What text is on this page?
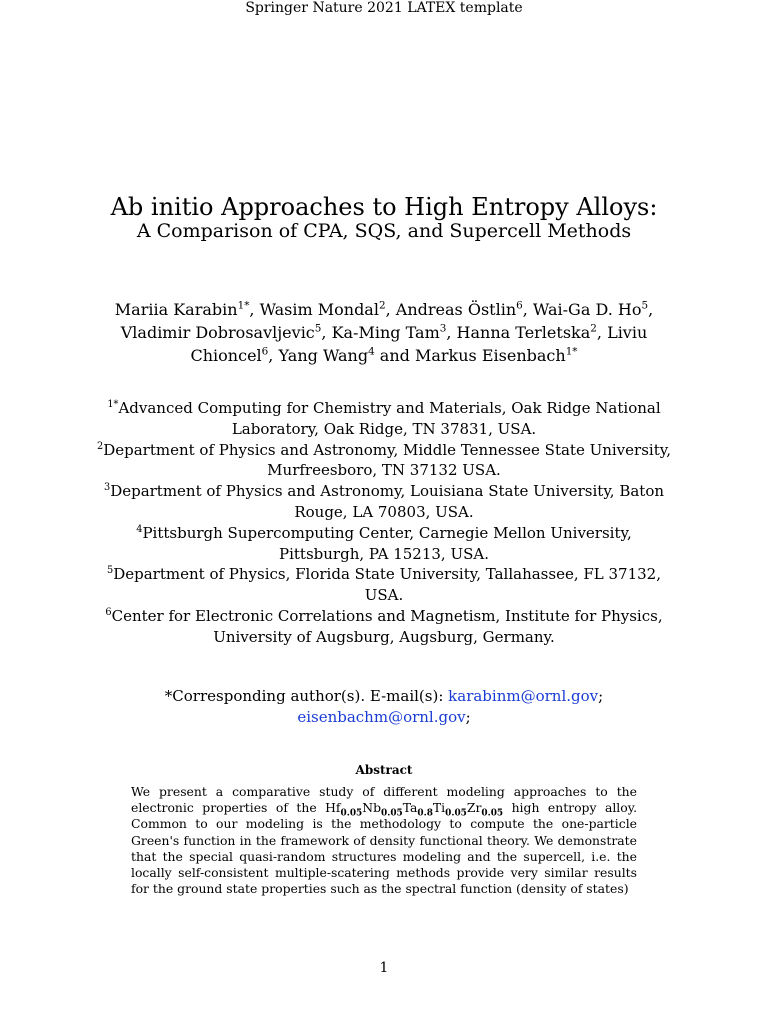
Springer Nature 2021 LATEX template
Ab initio Approaches to High Entropy Alloys:
A Comparison of CPA, SQS, and Supercell Methods
Mariia Karabin$^{1*}$, Wasim Mondal$^2$, Andreas Östlin$^6$, Wai-Ga D. Ho$^5$, Vladimir Dobrosavljevic$^5$, Ka-Ming Tam$^3$, Hanna Terletska$^2$, Liviu Chioncel$^6$, Yang Wang$^4$ and Markus Eisenbach$^{1*}$
$^{1*}$Advanced Computing for Chemistry and Materials, Oak Ridge National Laboratory, Oak Ridge, TN 37831, USA.
$^2$Department of Physics and Astronomy, Middle Tennessee State University, Murfreesboro, TN 37132 USA.
$^3$Department of Physics and Astronomy, Louisiana State University, Baton Rouge, LA 70803, USA.
$^4$Pittsburgh Supercomputing Center, Carnegie Mellon University, Pittsburgh, PA 15213, USA.
$^5$Department of Physics, Florida State University, Tallahassee, FL 37132, USA.
$^6$Center for Electronic Correlations and Magnetism, Institute for Physics, University of Augsburg, Augsburg, Germany.
*Corresponding author(s). E-mail(s): karabinm@ornl.gov;
eisenbachm@ornl.gov;
Abstract
We present a comparative study of different modeling approaches to the electronic properties of the $Hf_{0.05}Nb_{0.05}Ta_{0.8}Ti_{0.05}Zr_{0.05}$ high entropy alloy. Common to our modeling is the methodology to compute the one-particle Green's function in the framework of density functional theory. We demonstrate that the special quasi-random structures modeling and the supercell, i.e. the locally self-consistent multiple-scatering methods provide very similar results for the ground state properties such as the spectral function (density of states)
1
